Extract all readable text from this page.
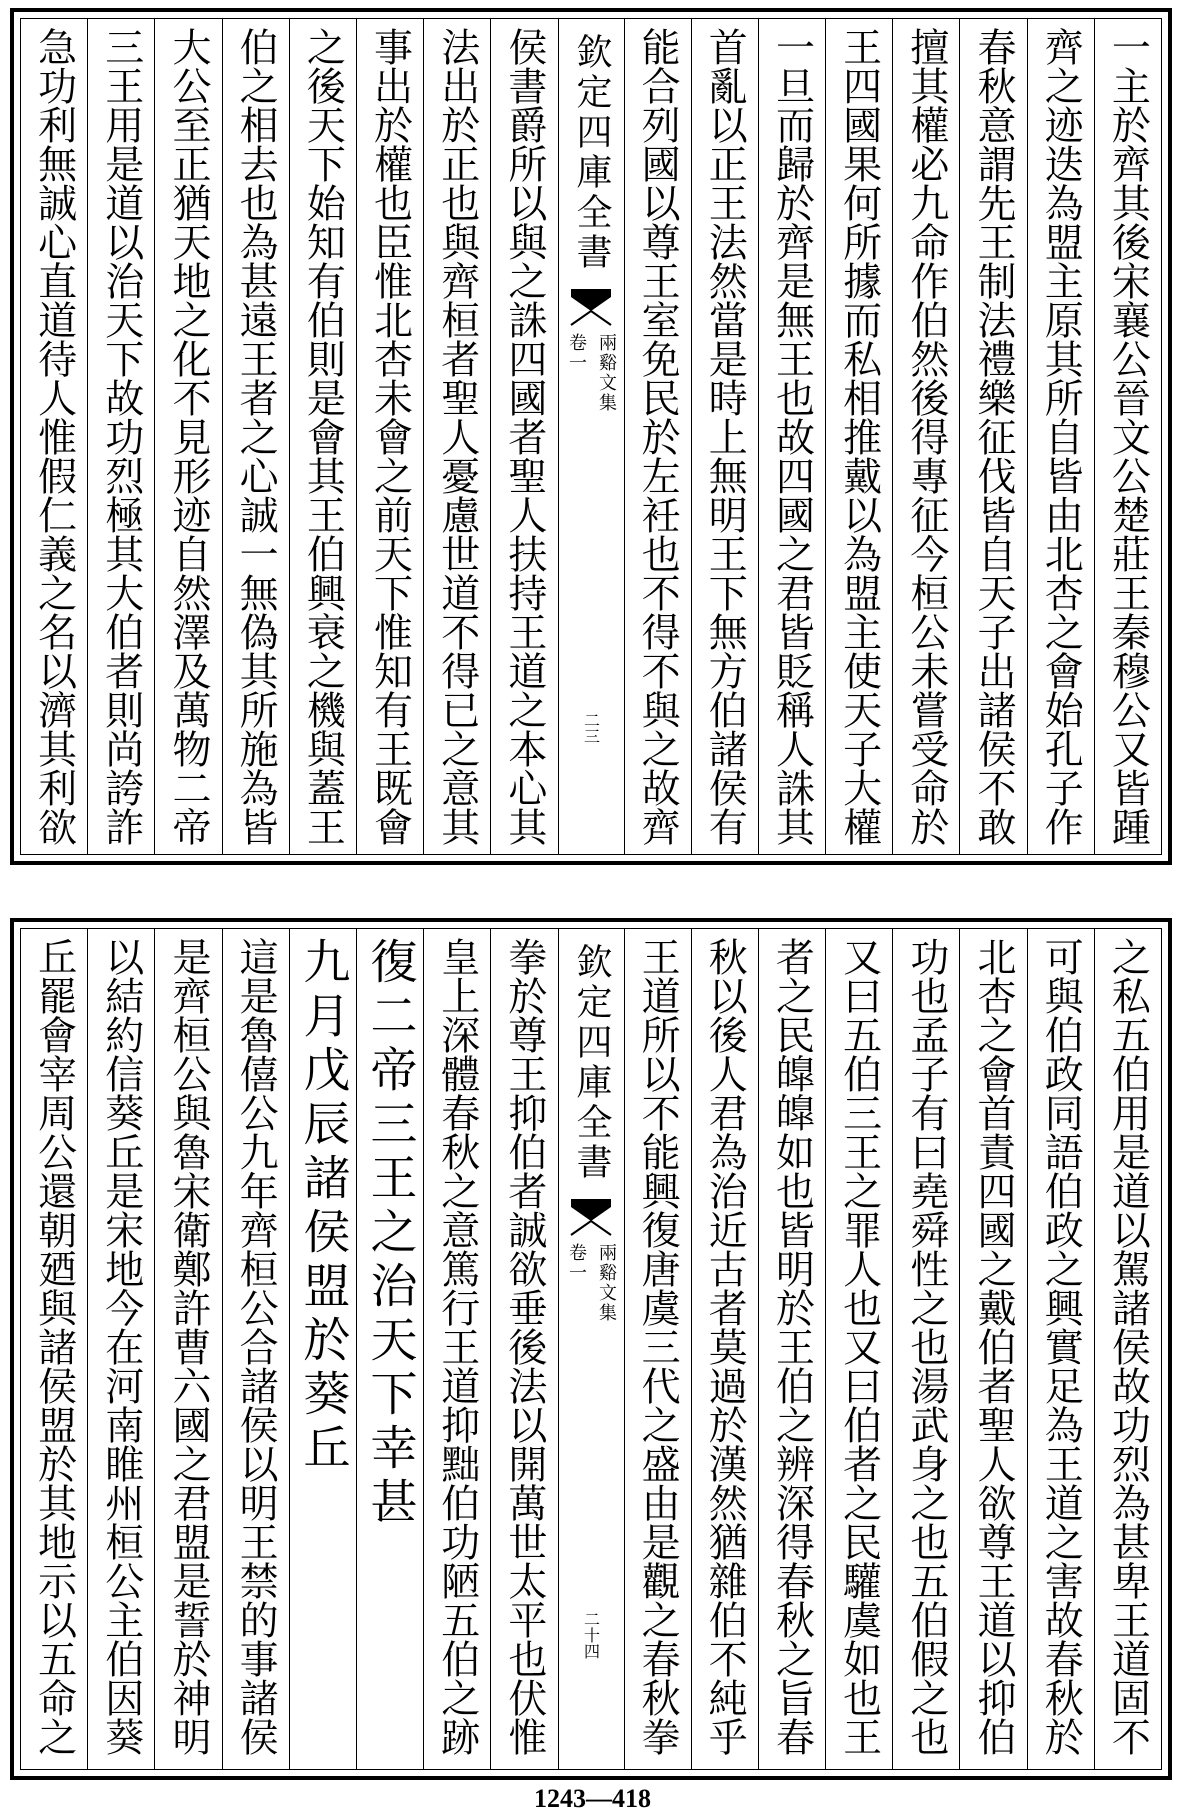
一主於齊其後宋襄公晉文公楚莊王秦穆公又皆踵
齊之迹迭為盟主原其所自皆由北杏之會始孔子作
春秋意謂先王制法禮樂征伐皆自天子出諸侯不敢
擅其權必九命作伯然後得專征今桓公未嘗受命於
王四國果何所據而私相推戴以為盟主使天子大權
一旦而歸於齊是無王也故四國之君皆貶稱人誅其
首亂以正王法然當是時上無明王下無方伯諸侯有
能合列國以尊王室免民於左衽也不得不與之故齊
欽定四庫全書
兩谿文集
卷一
二三
侯書爵所以與之誅四國者聖人扶持王道之本心其
法出於正也與齊桓者聖人憂慮世道不得已之意其
事出於權也臣惟北杏未會之前天下惟知有王既會
之後天下始知有伯則是會其王伯興衰之機與蓋王
伯之相去也為甚遠王者之心誠一無偽其所施為皆
大公至正猶天地之化不見形迹自然澤及萬物二帝
三王用是道以治天下故功烈極其大伯者則尚誇詐
急功利無誠心直道待人惟假仁義之名以濟其利欲
之私五伯用是道以駕諸侯故功烈為甚卑王道固不
可與伯政同語伯政之興實足為王道之害故春秋於
北杏之會首責四國之戴伯者聖人欲尊王道以抑伯
功也孟子有曰堯舜性之也湯武身之也五伯假之也
又曰五伯三王之罪人也又曰伯者之民驩虞如也王
者之民皥皥如也皆明於王伯之辨深得春秋之旨春
秋以後人君為治近古者莫過於漢然猶雜伯不純乎
王道所以不能興復唐虞三代之盛由是觀之春秋拳
欽定四庫全書
兩谿文集
卷一
二十四
拳於尊王抑伯者誠欲垂後法以開萬世太平也伏惟
皇上深體春秋之意篤行王道抑黜伯功陋五伯之跡
復二帝三王之治天下幸甚
九月戊辰諸侯盟於葵丘
這是魯僖公九年齊桓公合諸侯以明王禁的事諸侯
是齊桓公與魯宋衛鄭許曹六國之君盟是誓於神明
以結約信葵丘是宋地今在河南睢州桓公主伯因葵
丘罷會宰周公還朝廼與諸侯盟於其地示以五命之
1243—418
